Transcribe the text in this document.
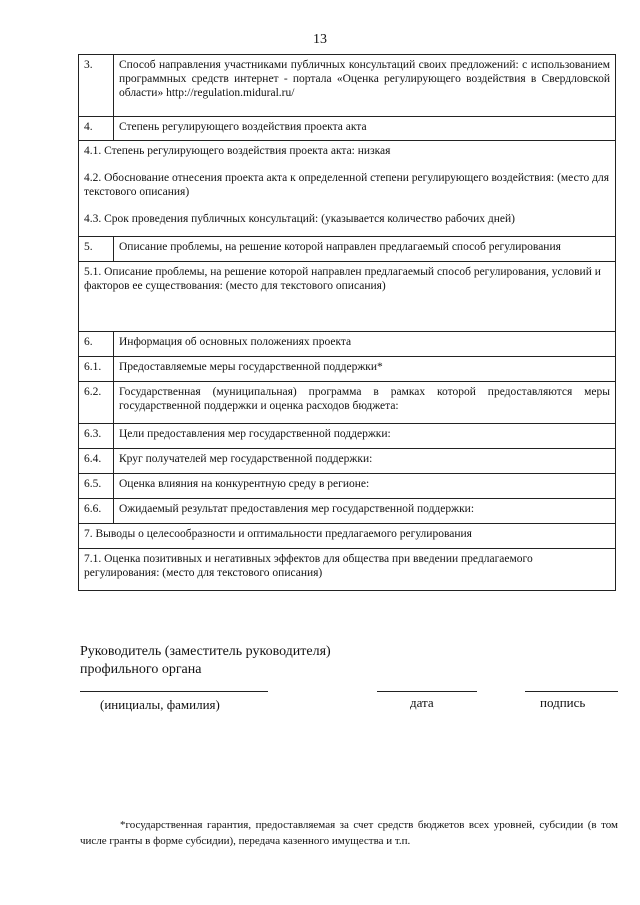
13
3.	Способ направления участниками публичных консультаций своих предложений: с использованием программных средств интернет - портала «Оценка регулирующего воздействия в Свердловской области» http://regulation.midural.ru/
4.	Степень регулирующего воздействия проекта акта

4.1. Степень регулирующего воздействия проекта акта: низкая
4.2. Обоснование отнесения проекта акта к определенной степени регулирующего воздействия: (место для текстового описания)
4.3. Срок проведения публичных консультаций: (указывается количество рабочих дней)	

5.	Описание проблемы, на решение которой направлен предлагаемый способ регулирования
5.1. Описание проблемы, на решение которой направлен предлагаемый способ регулирования, условий и факторов ее существования: (место для текстового описания)	
6.	Информация об основных положениях проекта
6.1.	Предоставляемые меры государственной поддержки*
6.2.	Государственная (муниципальная) программа в рамках которой предоставляются меры государственной поддержки и оценка расходов бюджета:
6.3.	Цели предоставления мер государственной поддержки:
6.4.	Круг получателей мер государственной поддержки:
6.5.	Оценка влияния на конкурентную среду в регионе:
6.6.	Ожидаемый результат предоставления мер государственной поддержки:
7. Выводы о целесообразности и оптимальности предлагаемого регулирования	
7.1. Оценка позитивных и негативных эффектов для общества при введении предлагаемого регулирования: (место для текстового описания)	
Руководитель (заместитель руководителя)
профильного органа
(инициалы, фамилия)	дата	подпись
*государственная гарантия, предоставляемая за счет средств бюджетов всех уровней, субсидии (в том числе гранты в форме субсидии), передача казенного имущества и т.п.
